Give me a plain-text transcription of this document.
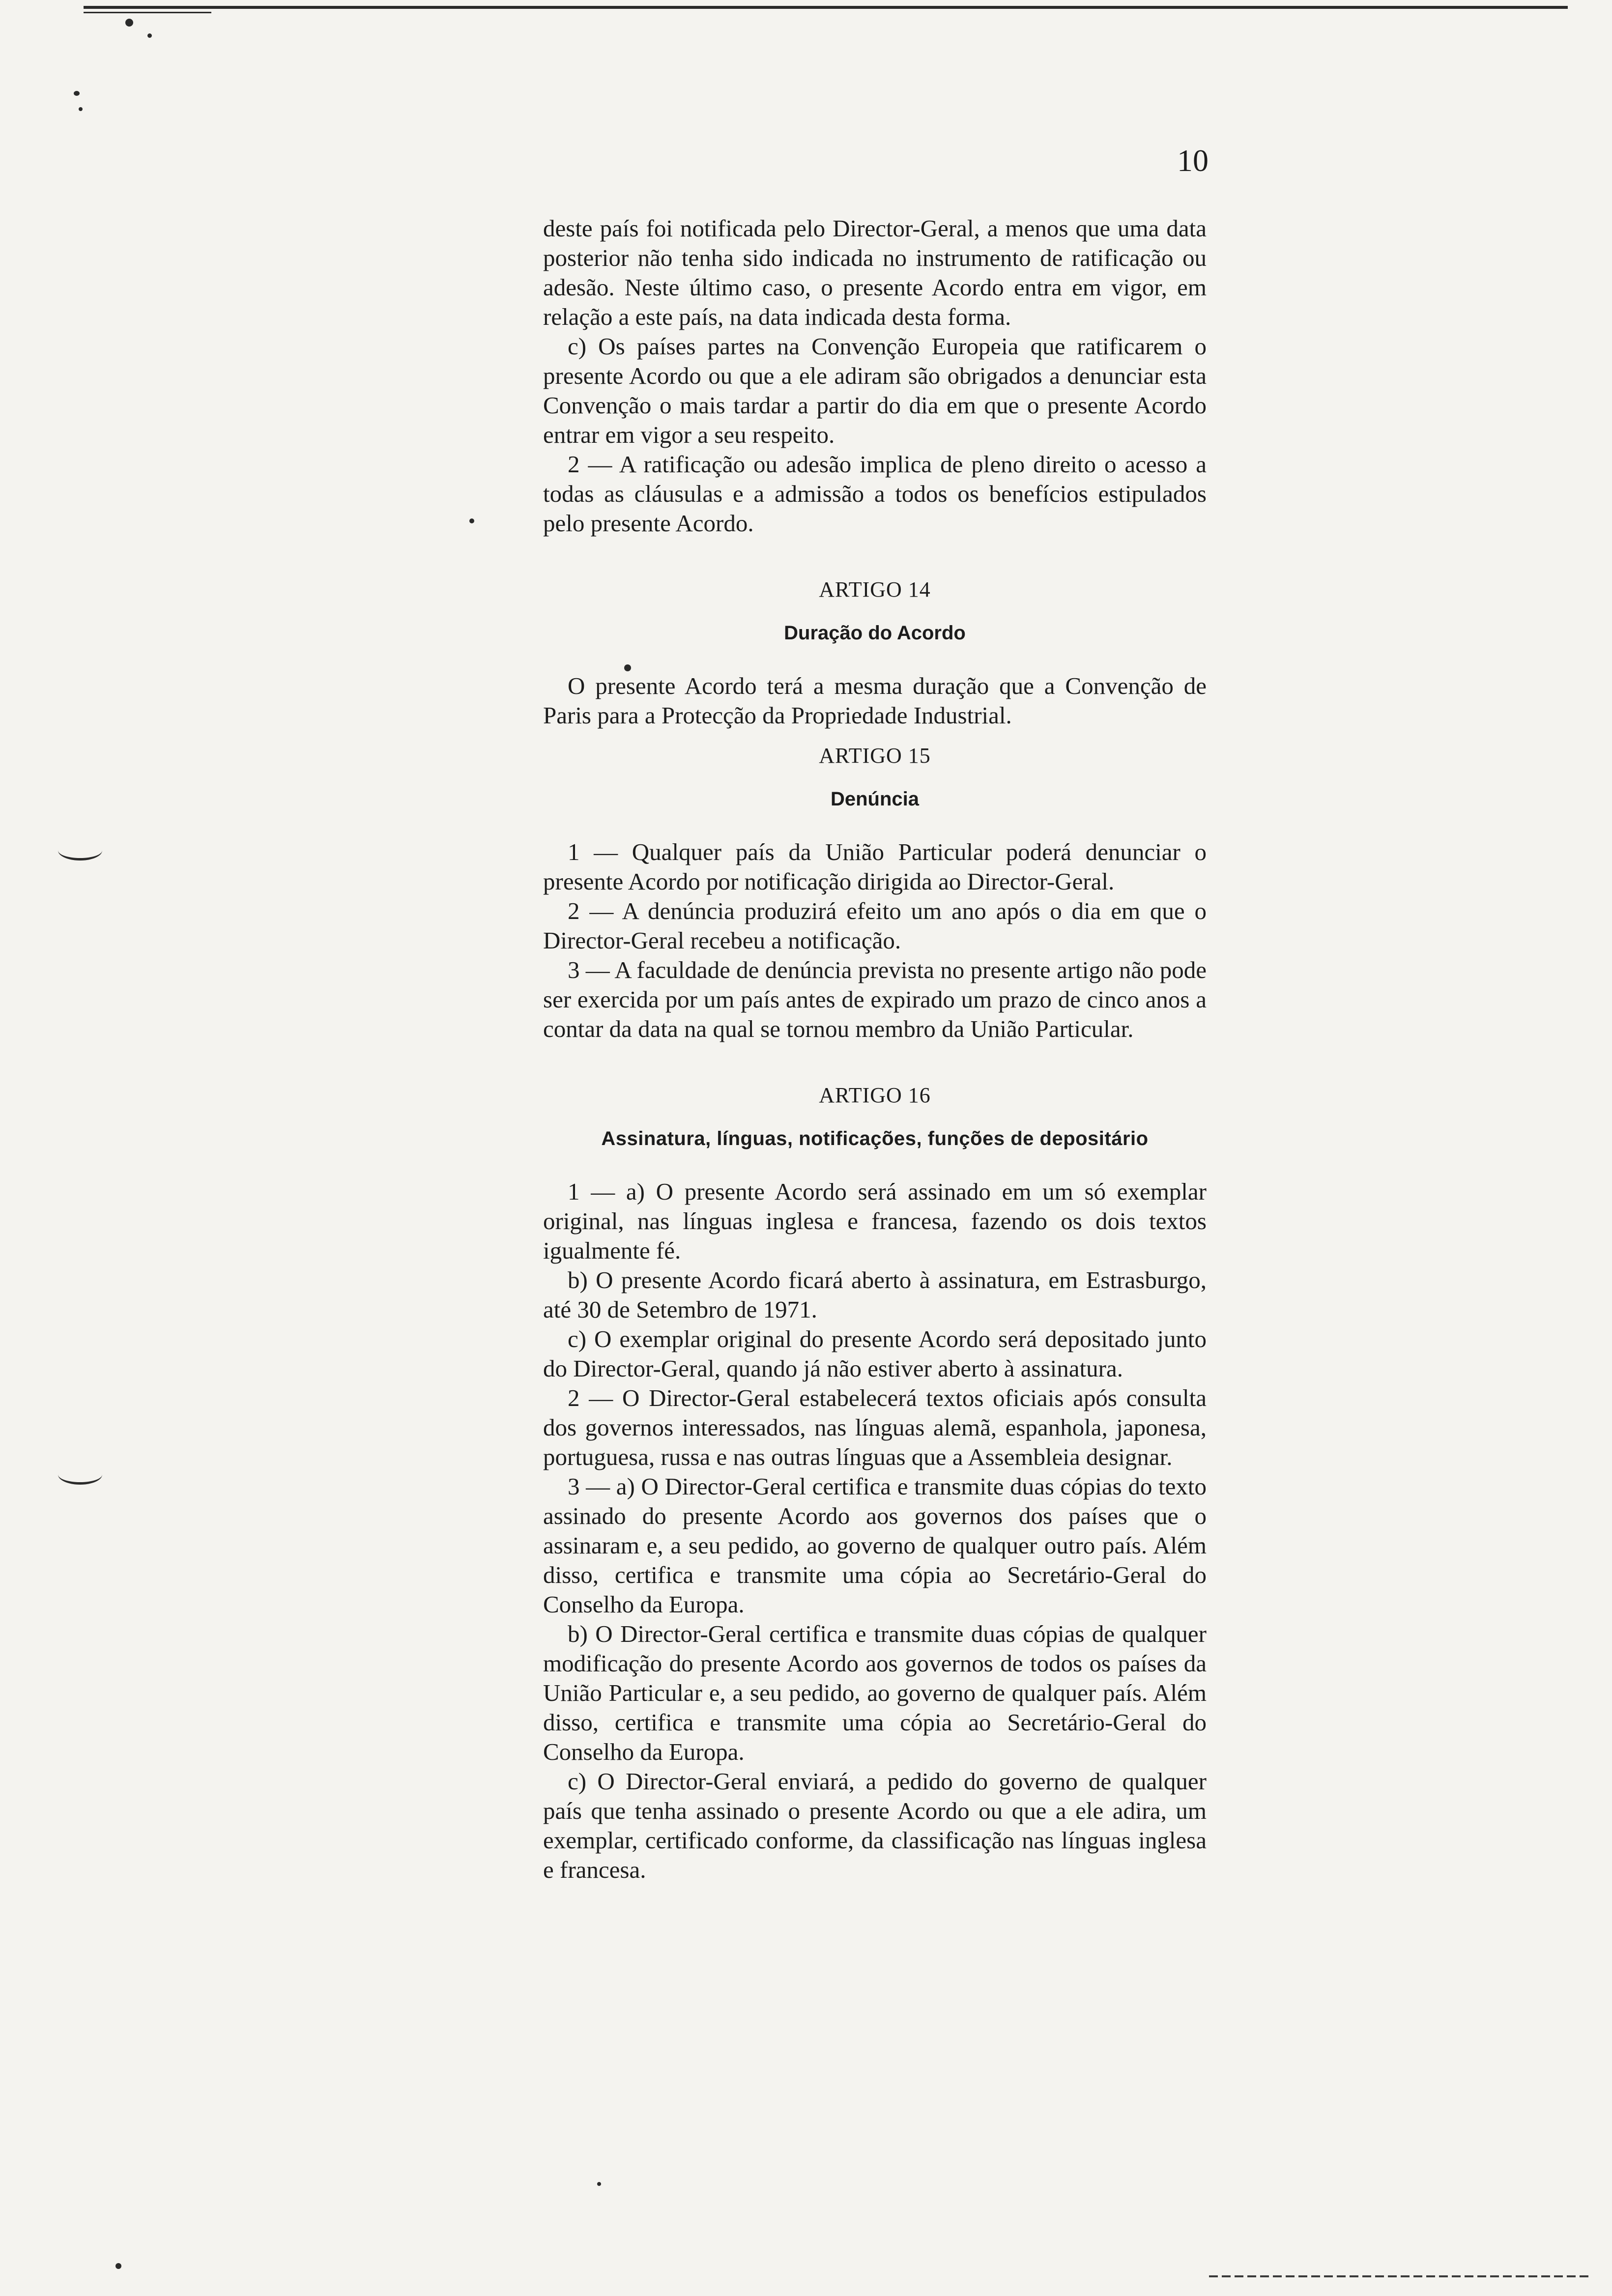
10

deste país foi notificada pelo Director-Geral, a menos que uma data posterior não tenha sido indicada no instrumento de ratificação ou adesão. Neste último caso, o presente Acordo entra em vigor, em relação a este país, na data indicada desta forma.

c) Os países partes na Convenção Europeia que ratificarem o presente Acordo ou que a ele adiram são obrigados a denunciar esta Convenção o mais tardar a partir do dia em que o presente Acordo entrar em vigor a seu respeito.

2 — A ratificação ou adesão implica de pleno direito o acesso a todas as cláusulas e a admissão a todos os benefícios estipulados pelo presente Acordo.

ARTIGO 14
Duração do Acordo

O presente Acordo terá a mesma duração que a Convenção de Paris para a Protecção da Propriedade Industrial.

ARTIGO 15
Denúncia

1 — Qualquer país da União Particular poderá denunciar o presente Acordo por notificação dirigida ao Director-Geral.

2 — A denúncia produzirá efeito um ano após o dia em que o Director-Geral recebeu a notificação.

3 — A faculdade de denúncia prevista no presente artigo não pode ser exercida por um país antes de expirado um prazo de cinco anos a contar da data na qual se tornou membro da União Particular.

ARTIGO 16
Assinatura, línguas, notificações, funções de depositário

1 — a) O presente Acordo será assinado em um só exemplar original, nas línguas inglesa e francesa, fazendo os dois textos igualmente fé.

b) O presente Acordo ficará aberto à assinatura, em Estrasburgo, até 30 de Setembro de 1971.

c) O exemplar original do presente Acordo será depositado junto do Director-Geral, quando já não estiver aberto à assinatura.

2 — O Director-Geral estabelecerá textos oficiais após consulta dos governos interessados, nas línguas alemã, espanhola, japonesa, portuguesa, russa e nas outras línguas que a Assembleia designar.

3 — a) O Director-Geral certifica e transmite duas cópias do texto assinado do presente Acordo aos governos dos países que o assinaram e, a seu pedido, ao governo de qualquer outro país. Além disso, certifica e transmite uma cópia ao Secretário-Geral do Conselho da Europa.

b) O Director-Geral certifica e transmite duas cópias de qualquer modificação do presente Acordo aos governos de todos os países da União Particular e, a seu pedido, ao governo de qualquer país. Além disso, certifica e transmite uma cópia ao Secretário-Geral do Conselho da Europa.

c) O Director-Geral enviará, a pedido do governo de qualquer país que tenha assinado o presente Acordo ou que a ele adira, um exemplar, certificado conforme, da classificação nas línguas inglesa e francesa.
